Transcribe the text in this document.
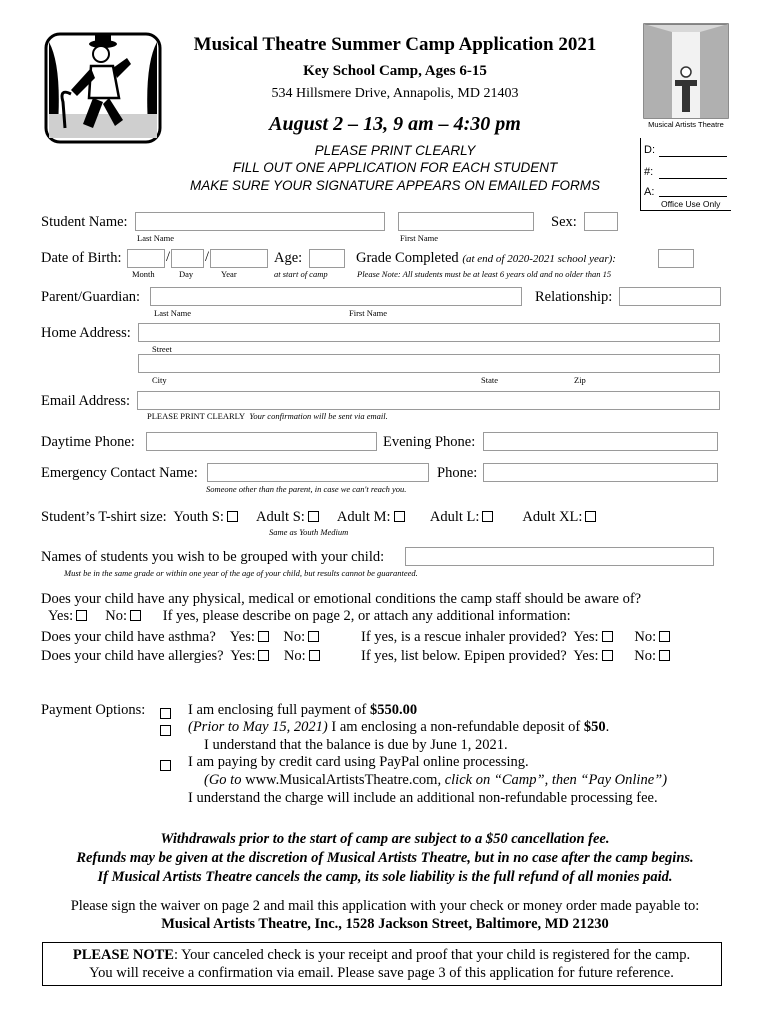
Musical Artists Theatre
D:
#:
A:
Office Use Only
Musical Theatre Summer Camp Application 2021
Key School Camp, Ages 6-15
534 Hillsmere Drive, Annapolis, MD 21403
August 2 – 13, 9 am – 4:30 pm
PLEASE PRINT CLEARLY
FILL OUT ONE APPLICATION FOR EACH STUDENT
MAKE SURE YOUR SIGNATURE APPEARS ON EMAILED FORMS
Student Name:	Sex:
Last Name	First Name
Date of Birth:	/ /
Month	Day	Year
Age:
at start of camp
Grade Completed (at end of 2020-2021 school year):
Please Note: All students must be at least 6 years old and no older than 15
Parent/Guardian:	Relationship:
Last Name	First Name
Home Address:
Street
City	State	Zip
Email Address:
PLEASE PRINT CLEARLY Your confirmation will be sent via email.
Daytime Phone:	Evening Phone:
Emergency Contact Name:	Phone:
Someone other than the parent, in case we can't reach you.
Student’s T-shirt size: Youth S: Adult S: Adult M:	Adult L:	Adult XL:
Same as Youth Medium
Names of students you wish to be grouped with your child:
Must be in the same grade or within one year of the age of your child, but results cannot be guaranteed.
Does your child have any physical, medical or emotional conditions the camp staff should be aware of?
Yes: No: If yes, please describe on page 2, or attach any additional information:
Does your child have asthma? Yes: No:	If yes, is a rescue inhaler provided? Yes: No:
Does your child have allergies? Yes: No:	If yes, list below. Epipen provided? Yes: No:
Payment Options:	I am enclosing full payment of $550.00
(Prior to May 15, 2021) I am enclosing a non-refundable deposit of $50.
I understand that the balance is due by June 1, 2021.
I am paying by credit card using PayPal online processing.
(Go to www.MusicalArtistsTheatre.com, click on “Camp”, then “Pay Online”)
I understand the charge will include an additional non-refundable processing fee.
Withdrawals prior to the start of camp are subject to a $50 cancellation fee.
Refunds may be given at the discretion of Musical Artists Theatre, but in no case after the camp begins.
If Musical Artists Theatre cancels the camp, its sole liability is the full refund of all monies paid.
Please sign the waiver on page 2 and mail this application with your check or money order made payable to:
Musical Artists Theatre, Inc., 1528 Jackson Street, Baltimore, MD 21230
PLEASE NOTE: Your canceled check is your receipt and proof that your child is registered for the camp.
You will receive a confirmation via email. Please save page 3 of this application for future reference.
